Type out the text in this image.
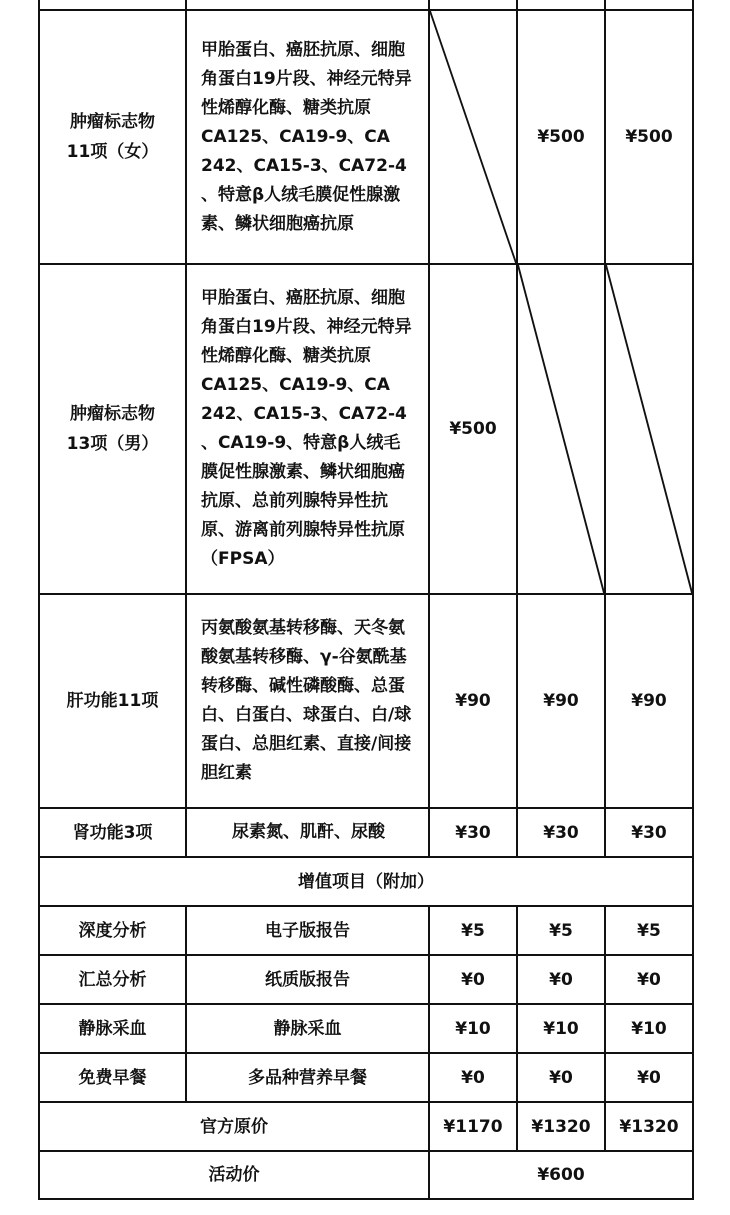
肿瘤标志物
11项（女）	甲胎蛋白、癌胚抗原、细胞角蛋白19片段、神经元特异性烯醇化酶、糖类抗原 CA125、CA19-9、CA 242、CA15-3、CA72-4 、特意β人绒毛膜促性腺激素、鳞状细胞癌抗原		¥500	¥500

肿瘤标志物
13项（男）	甲胎蛋白、癌胚抗原、细胞角蛋白19片段、神经元特异性烯醇化酶、糖类抗原 CA125、CA19-9、CA 242、CA15-3、CA72-4 、CA19-9、特意β人绒毛膜促性腺激素、鳞状细胞癌抗原、总前列腺特异性抗原、游离前列腺特异性抗原（FPSA）	¥500	

肝功能11项	丙氨酸氨基转移酶、天冬氨酸氨基转移酶、γ-谷氨酰基转移酶、碱性磷酸酶、总蛋白、白蛋白、球蛋白、白/球蛋白、总胆红素、直接/间接胆红素	¥90	¥90	¥90
肾功能3项	尿素氮、肌酐、尿酸	¥30	¥30	¥30
增值项目（附加）				
深度分析	电子版报告	¥5	¥5	¥5
汇总分析	纸质版报告	¥0	¥0	¥0
静脉采血	静脉采血	¥10	¥10	¥10
免费早餐	多品种营养早餐	¥0	¥0	¥0
官方原价		¥1170	¥1320	¥1320
活动价		¥600		
